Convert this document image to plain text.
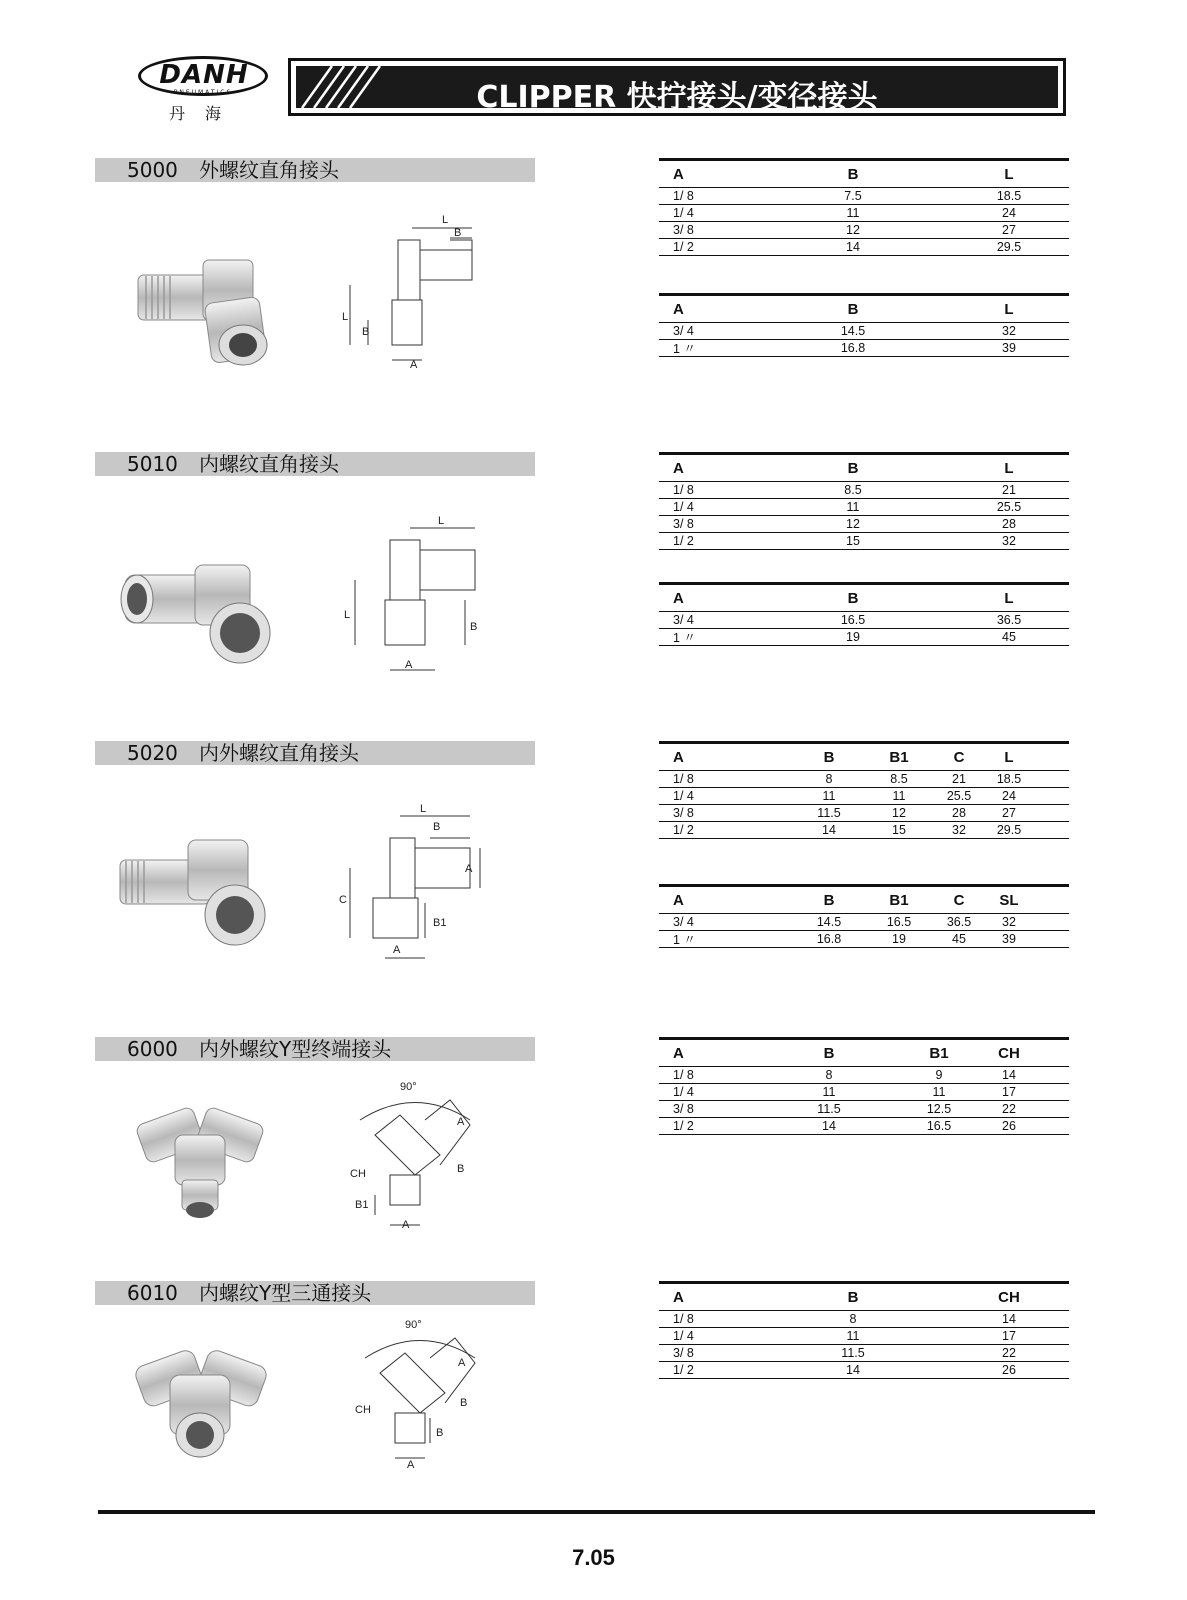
DANH
PNEUMATICS
丹海	CLIPPER 快拧接头/变径接头
5000 外螺纹直角接头
5010 内螺纹直角接头
5020 内外螺纹直角接头
6000 内外螺纹Y型终端接头
6010 内螺纹Y型三通接头
L
B
L
B
A
L
L
B
A
L
B
A
C
B1
A
90°
A
B
CH
B1
A
90°
A
B
CH
B
A
A	B	L
1/ 8	7.5	18.5
1/ 4	11	24
3/ 8	12	27
1/ 2	14	29.5
A	B	L
3/ 4	14.5	32
1 〃	16.8	39
A	B	L
1/ 8	8.5	21
1/ 4	11	25.5
3/ 8	12	28
1/ 2	15	32
A	B	L
3/ 4	16.5	36.5
1 〃	19	45
A	B	B1	C	L
1/ 8	8	8.5	21	18.5
1/ 4	11	11	25.5	24
3/ 8	11.5	12	28	27
1/ 2	14	15	32	29.5
A	B	B1	C	SL
3/ 4	14.5	16.5	36.5	32
1 〃	16.8	19	45	39
A	B	B1	CH
1/ 8	8	9	14
1/ 4	11	11	17
3/ 8	11.5	12.5	22
1/ 2	14	16.5	26
A	B	CH
1/ 8	8	14
1/ 4	11	17
3/ 8	11.5	22
1/ 2	14	26
7.05
